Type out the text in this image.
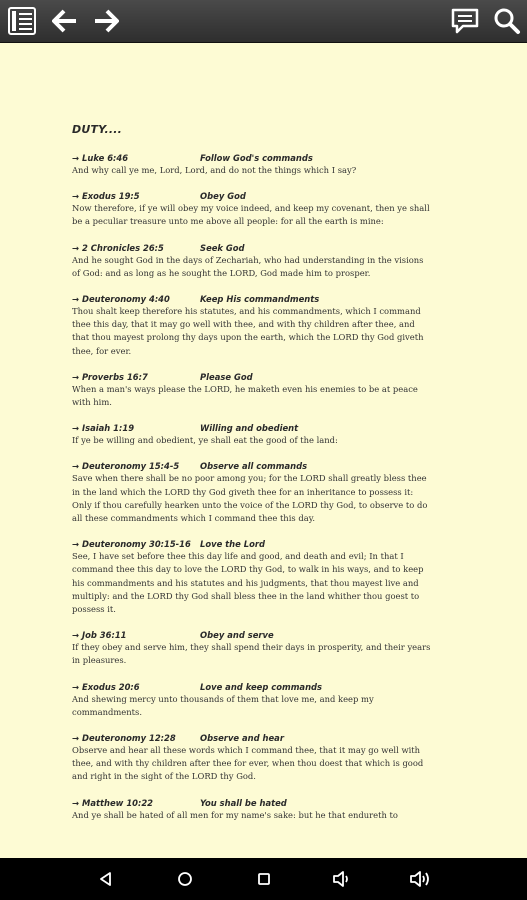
DUTY....
→ Luke 6:46	Follow God's commands
And why call ye me, Lord, Lord, and do not the things which I say?
→ Exodus 19:5	Obey God
Now therefore, if ye will obey my voice indeed, and keep my covenant, then ye shall be a peculiar treasure unto me above all people: for all the earth is mine:
→ 2 Chronicles 26:5	Seek God
And he sought God in the days of Zechariah, who had understanding in the visions of God: and as long as he sought the LORD, God made him to prosper.
→ Deuteronomy 4:40	Keep His commandments
Thou shalt keep therefore his statutes, and his commandments, which I command thee this day, that it may go well with thee, and with thy children after thee, and that thou mayest prolong thy days upon the earth, which the LORD thy God giveth thee, for ever.
→ Proverbs 16:7	Please God
When a man's ways please the LORD, he maketh even his enemies to be at peace with him.
→ Isaiah 1:19	Willing and obedient
If ye be willing and obedient, ye shall eat the good of the land:
→ Deuteronomy 15:4-5	Observe all commands
Save when there shall be no poor among you; for the LORD shall greatly bless thee in the land which the LORD thy God giveth thee for an inheritance to possess it: Only if thou carefully hearken unto the voice of the LORD thy God, to observe to do all these commandments which I command thee this day.
→ Deuteronomy 30:15-16	Love the Lord
See, I have set before thee this day life and good, and death and evil; In that I command thee this day to love the LORD thy God, to walk in his ways, and to keep his commandments and his statutes and his judgments, that thou mayest live and multiply: and the LORD thy God shall bless thee in the land whither thou goest to possess it.
→ Job 36:11	Obey and serve
If they obey and serve him, they shall spend their days in prosperity, and their years in pleasures.
→ Exodus 20:6	Love and keep commands
And shewing mercy unto thousands of them that love me, and keep my commandments.
→ Deuteronomy 12:28	Observe and hear
Observe and hear all these words which I command thee, that it may go well with thee, and with thy children after thee for ever, when thou doest that which is good and right in the sight of the LORD thy God.
→ Matthew 10:22	You shall be hated
And ye shall be hated of all men for my name's sake: but he that endureth to
